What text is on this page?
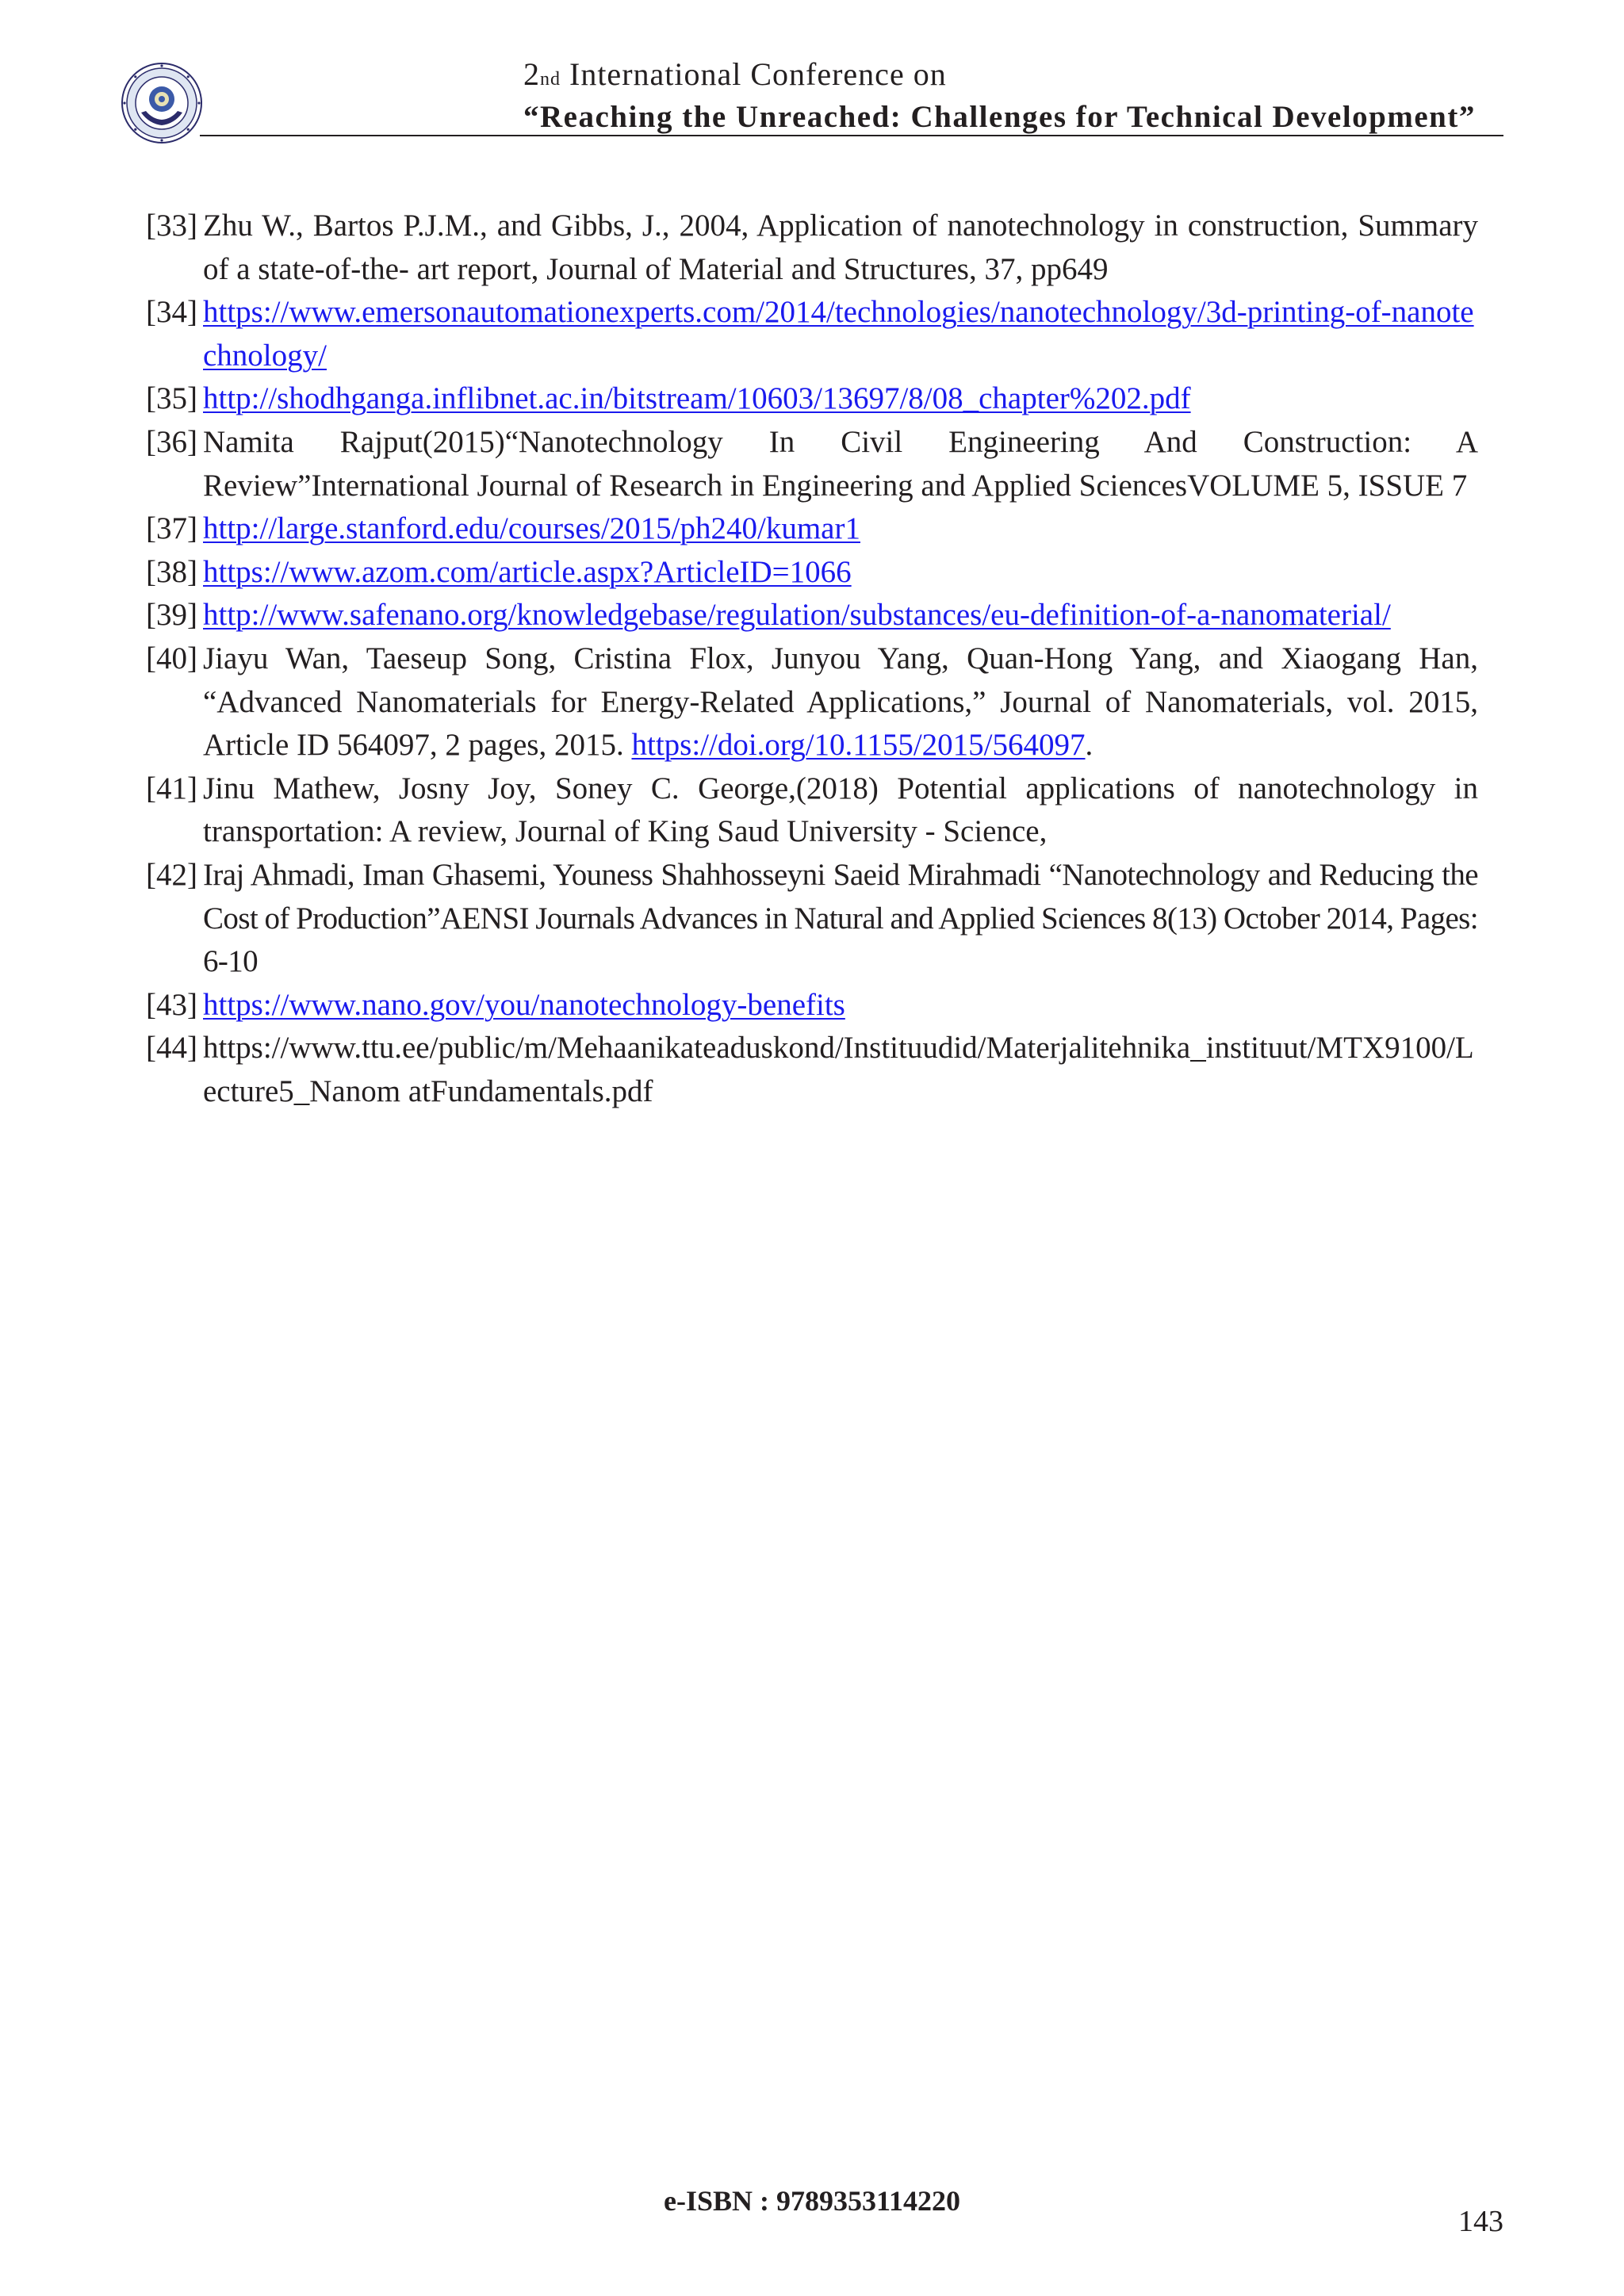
2nd International Conference on
“Reaching the Unreached: Challenges for Technical Development”
[33] Zhu W., Bartos P.J.M., and Gibbs, J., 2004, Application of nanotechnology in construction, Summary of a state-of-the- art report, Journal of Material and Structures, 37, pp649
[34] https://www.emersonautomationexperts.com/2014/technologies/nanotechnology/3d-printing-of-nanotechnology/
[35] http://shodhganga.inflibnet.ac.in/bitstream/10603/13697/8/08_chapter%202.pdf
[36] Namita Rajput(2015)“Nanotechnology In Civil Engineering And Construction: A Review”International Journal of Research in Engineering and Applied SciencesVOLUME 5, ISSUE 7
[37] http://large.stanford.edu/courses/2015/ph240/kumar1
[38] https://www.azom.com/article.aspx?ArticleID=1066
[39] http://www.safenano.org/knowledgebase/regulation/substances/eu-definition-of-a-nanomaterial/
[40] Jiayu Wan, Taeseup Song, Cristina Flox, Junyou Yang, Quan-Hong Yang, and Xiaogang Han, “Advanced Nanomaterials for Energy-Related Applications,” Journal of Nanomaterials, vol. 2015, Article ID 564097, 2 pages, 2015. https://doi.org/10.1155/2015/564097.
[41] Jinu Mathew, Josny Joy, Soney C. George,(2018) Potential applications of nanotechnology in transportation: A review, Journal of King Saud University - Science,
[42] Iraj Ahmadi, Iman Ghasemi, Youness Shahhosseyni Saeid Mirahmadi “Nanotechnology and Reducing the Cost of Production”AENSI Journals Advances in Natural and Applied Sciences 8(13) October 2014, Pages: 6-10
[43] https://www.nano.gov/you/nanotechnology-benefits
[44] https://www.ttu.ee/public/m/Mehaanikateaduskond/Instituudid/Materjalitehnika_instituut/MTX9100/Lecture5_Nanom atFundamentals.pdf
e-ISBN : 9789353114220
143
